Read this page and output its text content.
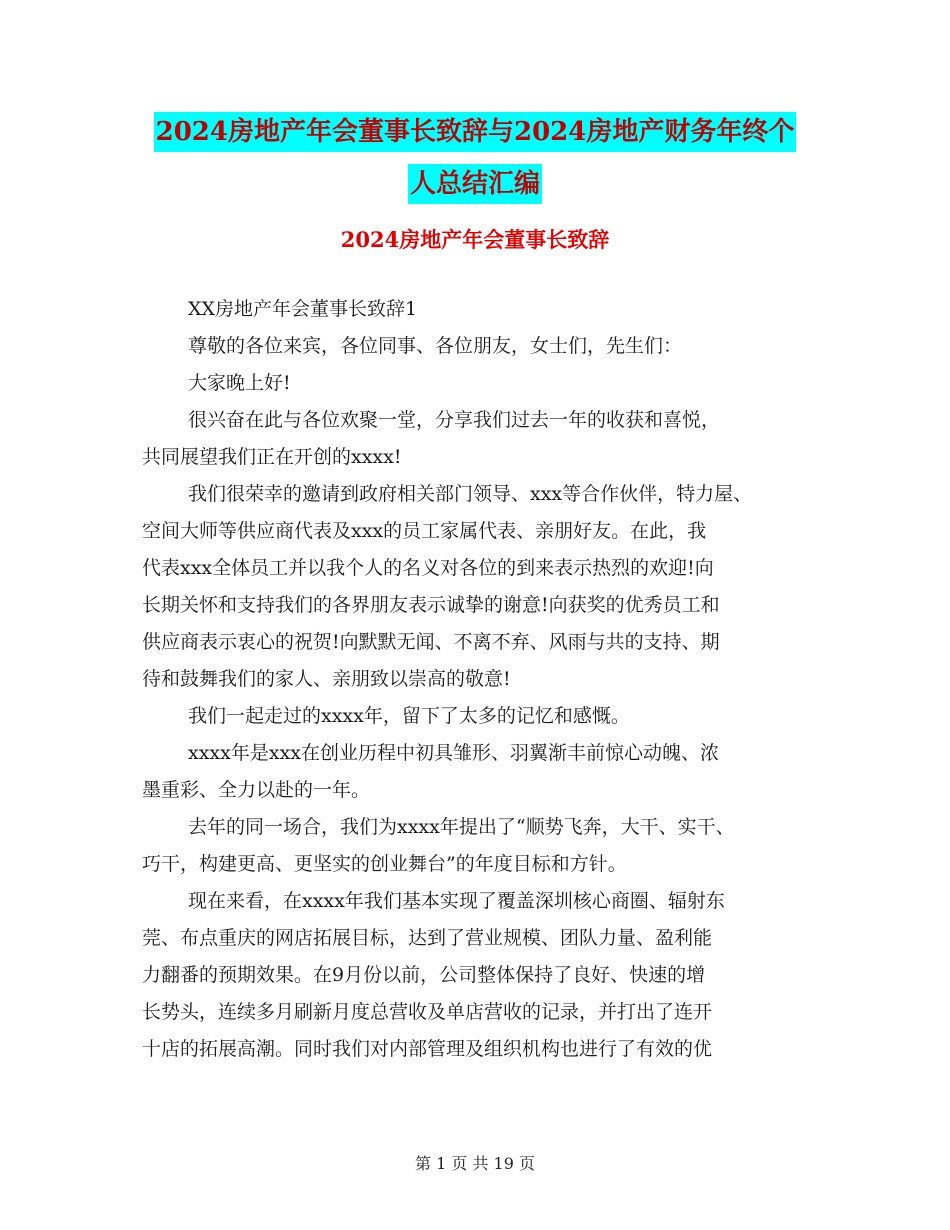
2024房地产年会董事长致辞与2024房地产财务年终个
人总结汇编
2024房地产年会董事长致辞
XX房地产年会董事长致辞1
尊敬的各位来宾，各位同事、各位朋友，女士们，先生们：
大家晚上好!
很兴奋在此与各位欢聚一堂，分享我们过去一年的收获和喜悦，
共同展望我们正在开创的xxxx!
我们很荣幸的邀请到政府相关部门领导、xxx等合作伙伴，特力屋、
空间大师等供应商代表及xxx的员工家属代表、亲朋好友。在此，我
代表xxx全体员工并以我个人的名义对各位的到来表示热烈的欢迎!向
长期关怀和支持我们的各界朋友表示诚挚的谢意!向获奖的优秀员工和
供应商表示衷心的祝贺!向默默无闻、不离不弃、风雨与共的支持、期
待和鼓舞我们的家人、亲朋致以崇高的敬意!
我们一起走过的xxxx年，留下了太多的记忆和感慨。
xxxx年是xxx在创业历程中初具雏形、羽翼渐丰前惊心动魄、浓
墨重彩、全力以赴的一年。
去年的同一场合，我们为xxxx年提出了“顺势飞奔，大干、实干、
巧干，构建更高、更坚实的创业舞台”的年度目标和方针。
现在来看，在xxxx年我们基本实现了覆盖深圳核心商圈、辐射东
莞、布点重庆的网店拓展目标，达到了营业规模、团队力量、盈利能
力翻番的预期效果。在9月份以前，公司整体保持了良好、快速的增
长势头，连续多月刷新月度总营收及单店营收的记录，并打出了连开
十店的拓展高潮。同时我们对内部管理及组织机构也进行了有效的优
第 1 页 共 19 页
